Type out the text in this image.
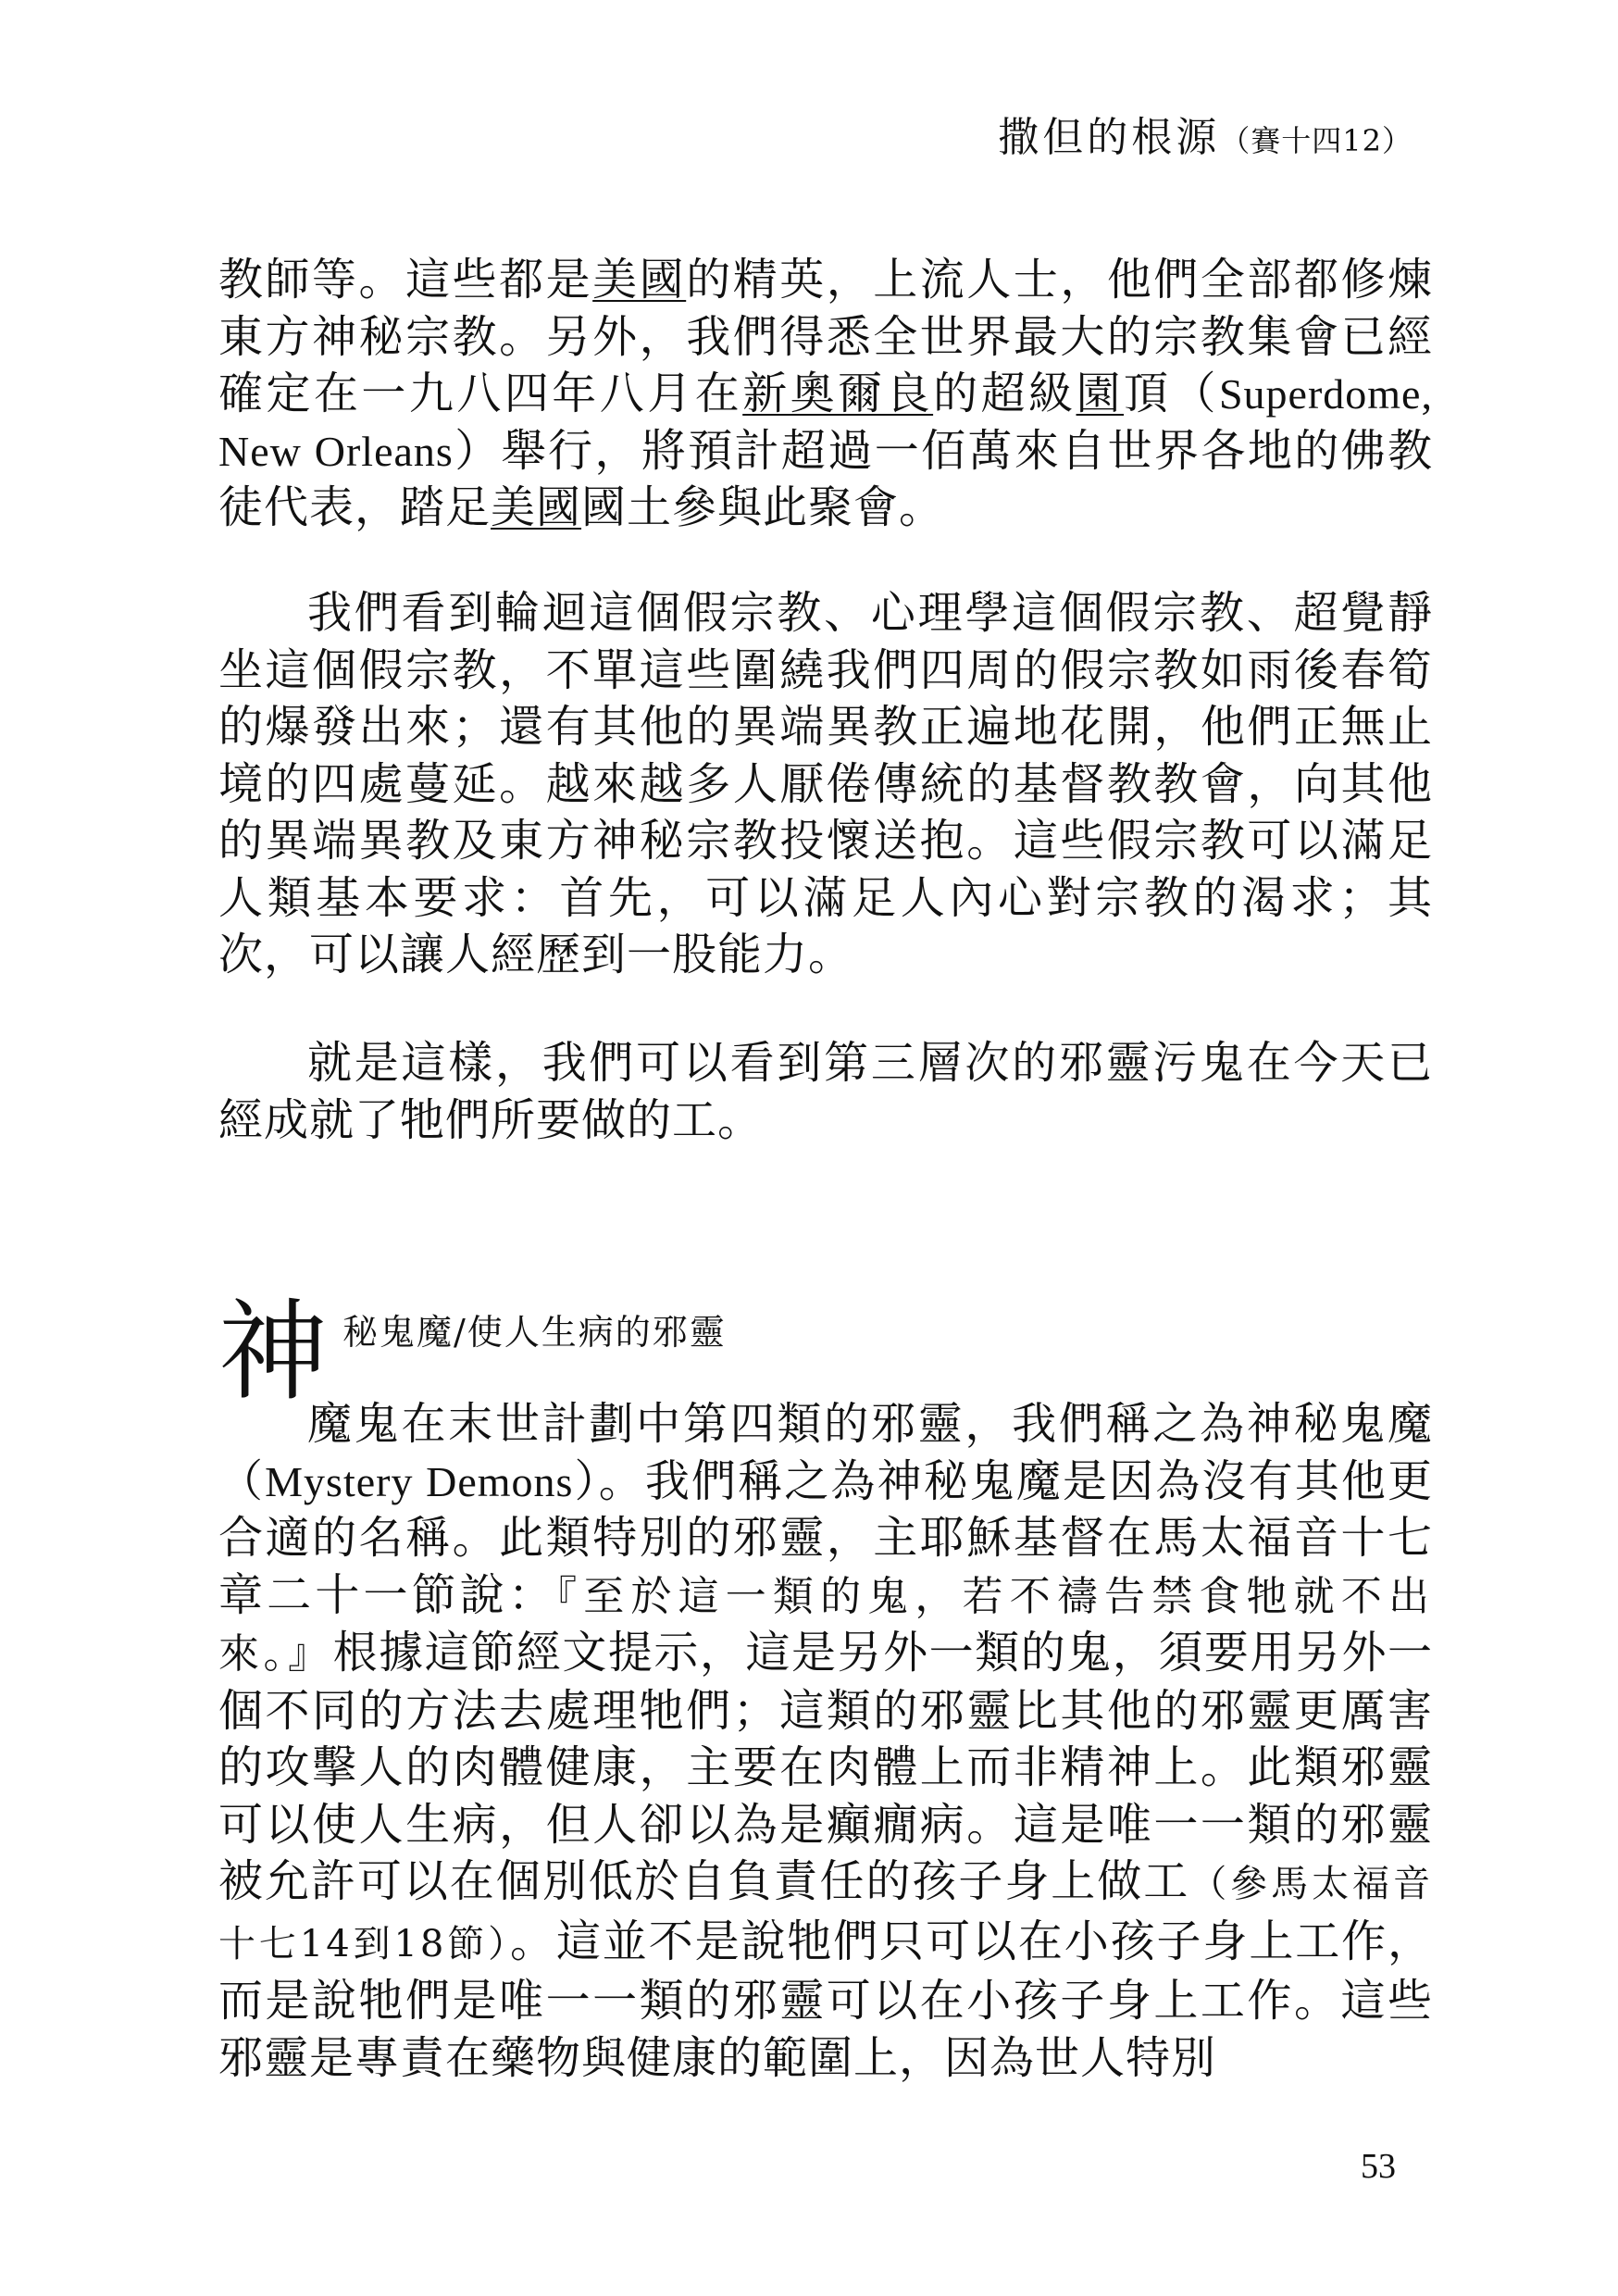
撒但的根源（賽十四12）

教師等。這些都是美國的精英，上流人士，他們全部都修煉東方神秘宗教。另外，我們得悉全世界最大的宗教集會已經確定在一九八四年八月在新奧爾良的超級園頂（Superdome, New Orleans）舉行，將預計超過一佰萬來自世界各地的佛教徒代表，踏足美國國土參與此聚會。

我們看到輪迴這個假宗教、心理學這個假宗教、超覺靜坐這個假宗教，不單這些圍繞我們四周的假宗教如雨後春筍的爆發出來；還有其他的異端異教正遍地花開，他們正無止境的四處蔓延。越來越多人厭倦傳統的基督教教會，向其他的異端異教及東方神秘宗教投懷送抱。這些假宗教可以滿足人類基本要求：首先，可以滿足人內心對宗教的渴求；其次，可以讓人經歷到一股能力。

就是這樣，我們可以看到第三層次的邪靈污鬼在今天已經成就了牠們所要做的工。

神 秘鬼魔/使人生病的邪靈

魔鬼在末世計劃中第四類的邪靈，我們稱之為神秘鬼魔（Mystery Demons）。我們稱之為神秘鬼魔是因為沒有其他更合適的名稱。此類特別的邪靈，主耶穌基督在馬太福音十七章二十一節說：『至於這一類的鬼，若不禱告禁食牠就不出來。』根據這節經文提示，這是另外一類的鬼，須要用另外一個不同的方法去處理牠們；這類的邪靈比其他的邪靈更厲害的攻擊人的肉體健康，主要在肉體上而非精神上。此類邪靈可以使人生病，但人卻以為是癲癇病。這是唯一一類的邪靈被允許可以在個別低於自負責任的孩子身上做工（參馬太福音十七14到18節）。這並不是說牠們只可以在小孩子身上工作，而是說牠們是唯一一類的邪靈可以在小孩子身上工作。這些邪靈是專責在藥物與健康的範圍上，因為世人特別

53
